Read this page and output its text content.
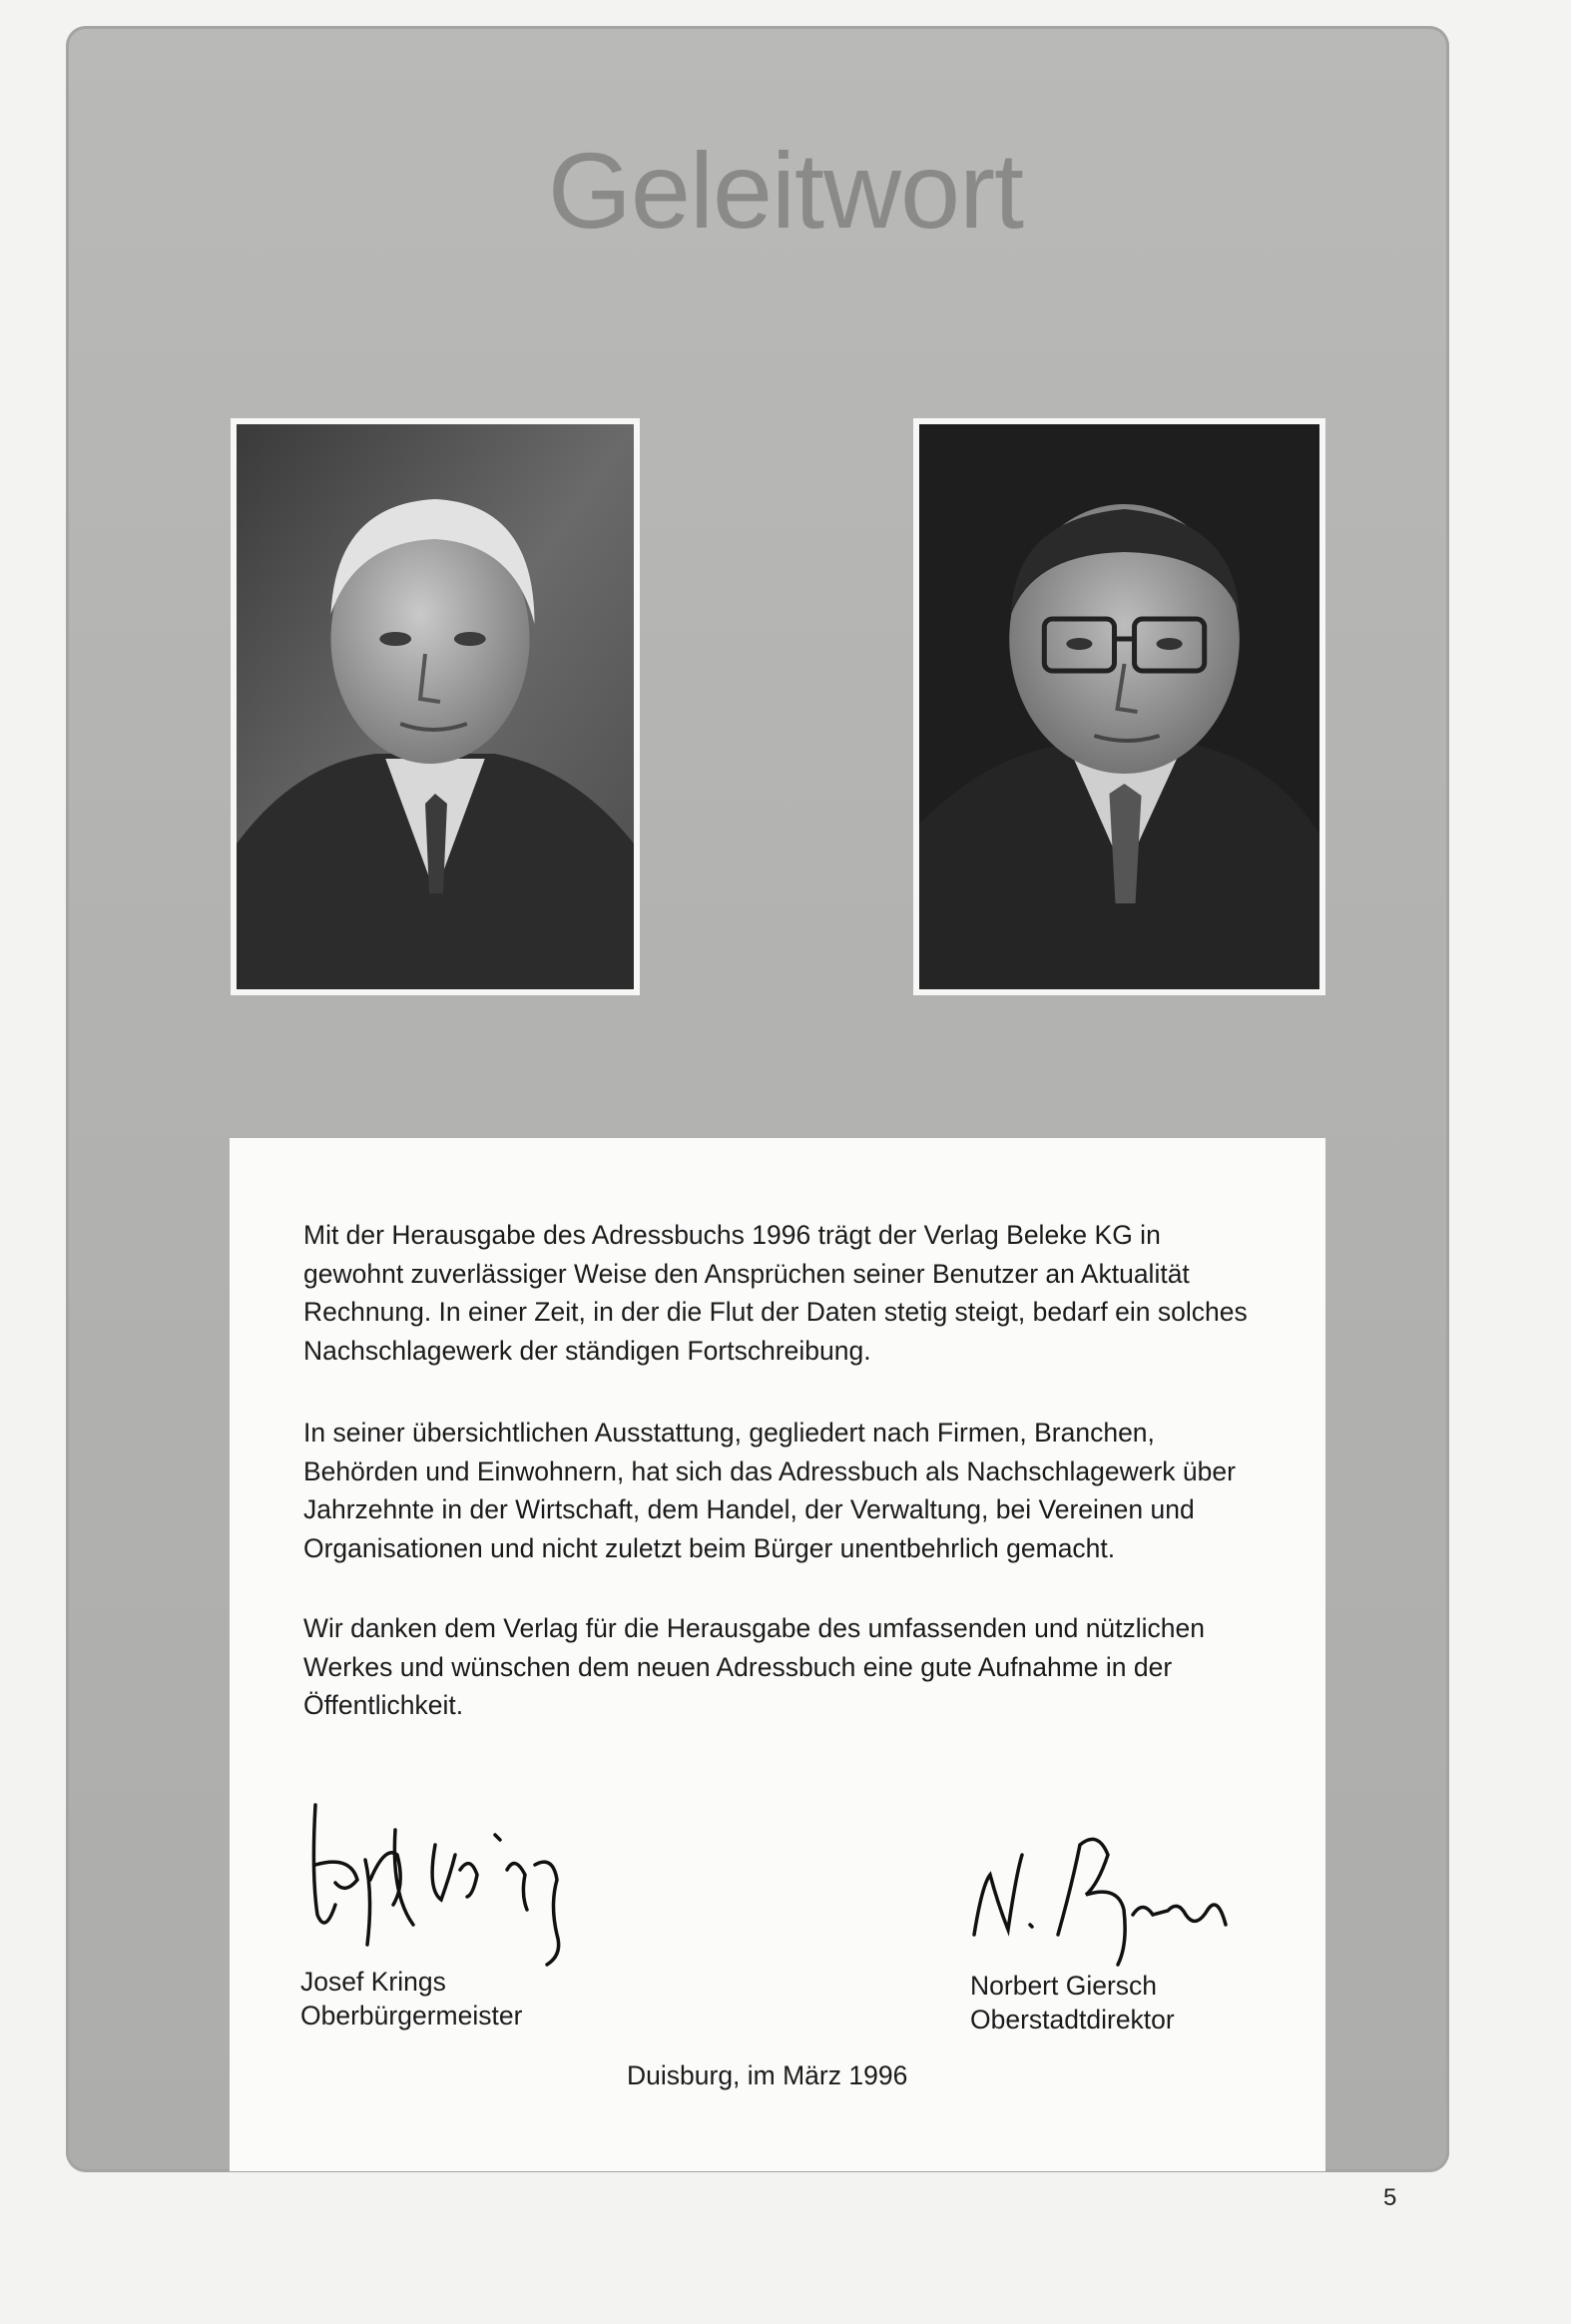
Geleitwort

Mit der Herausgabe des Adressbuchs 1996 trägt der Verlag Beleke KG in gewohnt zuverlässiger Weise den Ansprüchen seiner Benutzer an Aktualität Rechnung. In einer Zeit, in der die Flut der Daten stetig steigt, bedarf ein solches Nachschlagewerk der ständigen Fortschreibung.

In seiner übersichtlichen Ausstattung, gegliedert nach Firmen, Branchen, Behörden und Einwohnern, hat sich das Adressbuch als Nachschlagewerk über Jahrzehnte in der Wirtschaft, dem Handel, der Verwaltung, bei Vereinen und Organisationen und nicht zuletzt beim Bürger unentbehrlich gemacht.

Wir danken dem Verlag für die Herausgabe des umfassenden und nützlichen Werkes und wünschen dem neuen Adressbuch eine gute Aufnahme in der Öffentlichkeit.

Josef Krings
Oberbürgermeister
Norbert Giersch
Oberstadtdirektor
Duisburg, im März 1996
5
